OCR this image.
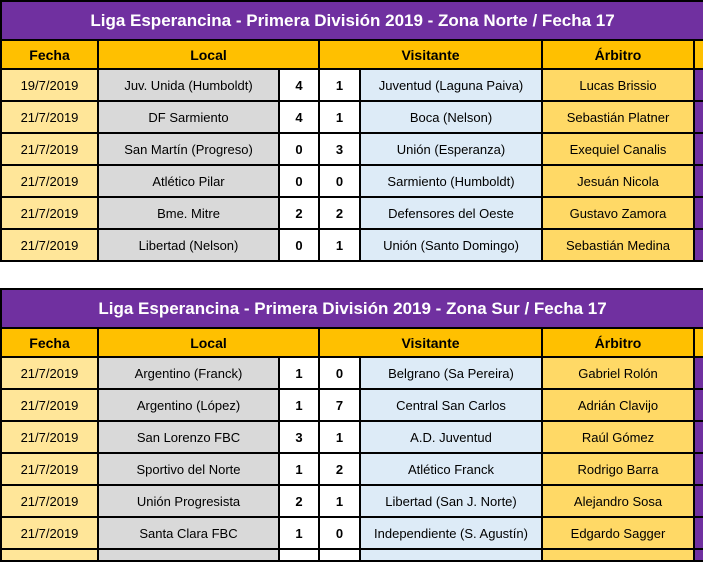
Liga Esperancina - Primera División 2019 - Zona Norte / Fecha 17						
Fecha	Local		Visitante		Árbitro	
19/7/2019	Juv. Unida (Humboldt)	4	1	Juventud (Laguna Paiva)	Lucas Brissio	
21/7/2019	DF Sarmiento	4	1	Boca (Nelson)	Sebastián Platner	
21/7/2019	San Martín (Progreso)	0	3	Unión (Esperanza)	Exequiel Canalis	
21/7/2019	Atlético Pilar	0	0	Sarmiento (Humboldt)	Jesuán Nicola	
21/7/2019	Bme. Mitre	2	2	Defensores del Oeste	Gustavo Zamora	
21/7/2019	Libertad (Nelson)	0	1	Unión (Santo Domingo)	Sebastián Medina	
Liga Esperancina - Primera División 2019 - Zona Sur / Fecha 17						
Fecha	Local		Visitante		Árbitro	
21/7/2019	Argentino (Franck)	1	0	Belgrano (Sa Pereira)	Gabriel Rolón	
21/7/2019	Argentino (López)	1	7	Central San Carlos	Adrián Clavijo	
21/7/2019	San Lorenzo FBC	3	1	A.D. Juventud	Raúl Gómez	
21/7/2019	Sportivo del Norte	1	2	Atlético Franck	Rodrigo Barra	
21/7/2019	Unión Progresista	2	1	Libertad (San J. Norte)	Alejandro Sosa	
21/7/2019	Santa Clara FBC	1	0	Independiente (S. Agustín)	Edgardo Sagger	
